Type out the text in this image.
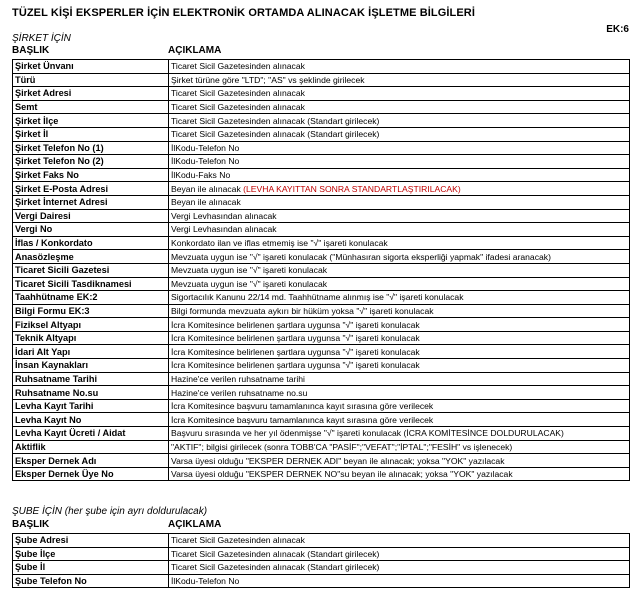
TÜZEL KİŞİ EKSPERLER İÇİN ELEKTRONİK ORTAMDA ALINACAK İŞLETME BİLGİLERİ
EK:6
ŞİRKET İÇİN
BAŞLIK	AÇIKLAMA
Şirket Ünvanı	Ticaret Sicil Gazetesinden alınacak
Türü	Şirket türüne göre "LTD"; "AS" vs şeklinde girilecek
Şirket Adresi	Ticaret Sicil Gazetesinden alınacak
Semt	Ticaret Sicil Gazetesinden alınacak
Şirket İlçe	Ticaret Sicil Gazetesinden alınacak (Standart girilecek)
Şirket İl	Ticaret Sicil Gazetesinden alınacak (Standart girilecek)
Şirket Telefon No (1)	İlKodu-Telefon No
Şirket Telefon No (2)	İlKodu-Telefon No
Şirket Faks No	İlKodu-Faks No
Şirket E-Posta Adresi	Beyan ile alınacak (LEVHA KAYITTAN SONRA STANDARTLAŞTIRILACAK)
Şirket İnternet Adresi	Beyan ile alınacak
Vergi Dairesi	Vergi Levhasından alınacak
Vergi No	Vergi Levhasından alınacak
İflas / Konkordato	Konkordato ilan ve iflas etmemiş ise "√" işareti konulacak
Anasözleşme	Mevzuata uygun ise "√" işareti konulacak ("Münhasıran sigorta eksperliği yapmak" ifadesi aranacak)
Ticaret Sicili Gazetesi	Mevzuata uygun ise "√" işareti konulacak
Ticaret Sicili Tasdiknamesi	Mevzuata uygun ise "√" işareti konulacak
Taahhütname EK:2	Sigortacılık Kanunu 22/14 md. Taahhütname alınmış ise "√" işareti konulacak
Bilgi Formu EK:3	Bilgi formunda mevzuata aykırı bir hüküm yoksa "√" işareti konulacak
Fiziksel Altyapı	İcra Komitesince belirlenen şartlara uygunsa "√" işareti konulacak
Teknik Altyapı	İcra Komitesince belirlenen şartlara uygunsa "√" işareti konulacak
İdari Alt Yapı	İcra Komitesince belirlenen şartlara uygunsa "√" işareti konulacak
İnsan Kaynakları	İcra Komitesince belirlenen şartlara uygunsa "√" işareti konulacak
Ruhsatname Tarihi	Hazine'ce verilen ruhsatname tarihi
Ruhsatname No.su	Hazine'ce verilen ruhsatname no.su
Levha Kayıt Tarihi	İcra Komitesince başvuru tamamlanınca kayıt sırasına göre verilecek
Levha Kayıt No	İcra Komitesince başvuru tamamlanınca kayıt sırasına göre verilecek
Levha Kayıt Ücreti / Aidat	Başvuru sırasında ve her yıl ödenmişse "√" işareti konulacak (İCRA KOMİTESİNCE DOLDURULACAK)
Aktiflik	"AKTIF"; bilgisi girilecek (sonra TOBB'CA "PASİF";"VEFAT";"İPTAL";"FESİH" vs işlenecek)
Eksper Dernek Adı	Varsa üyesi olduğu "EKSPER DERNEK ADI" beyan ile alınacak; yoksa "YOK" yazılacak
Eksper Dernek Üye No	Varsa üyesi olduğu "EKSPER DERNEK NO"su beyan ile alınacak; yoksa "YOK" yazılacak
ŞUBE İÇİN (her şube için ayrı doldurulacak)
BAŞLIK	AÇIKLAMA
Şube Adresi	Ticaret Sicil Gazetesinden alınacak
Şube İlçe	Ticaret Sicil Gazetesinden alınacak (Standart girilecek)
Şube İl	Ticaret Sicil Gazetesinden alınacak (Standart girilecek)
Şube Telefon No	İlKodu-Telefon No
